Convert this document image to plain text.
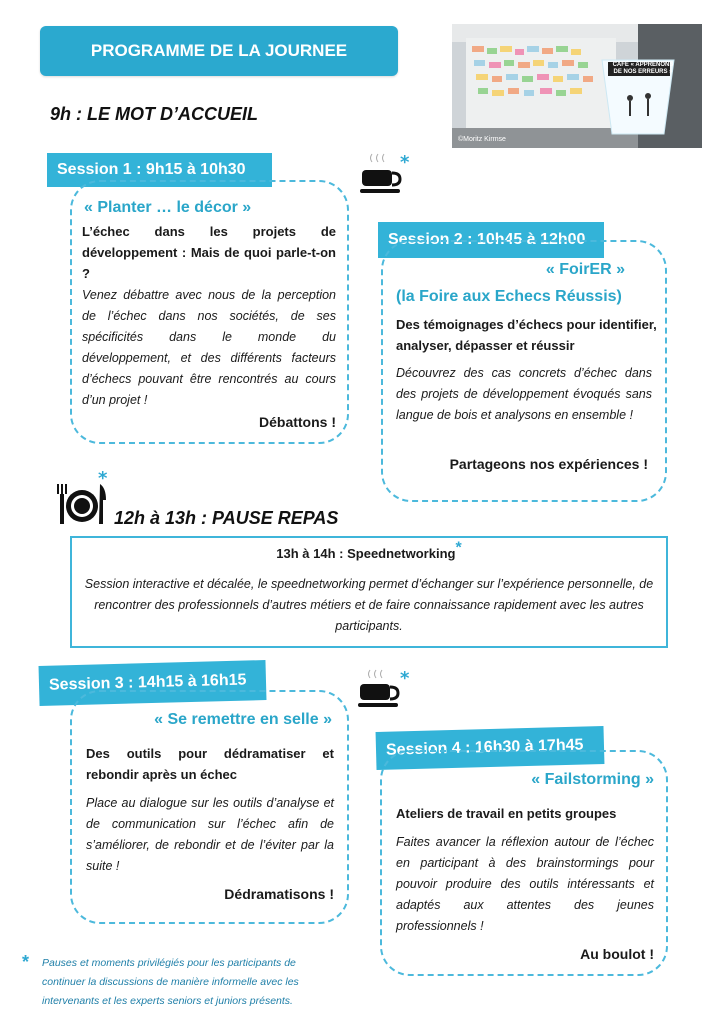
PROGRAMME DE LA JOURNEE
CAFÉ « APPRENONS
DE NOS ERREURS »
©Moritz Kirmse
9h : LE MOT D’ACCUEIL
Session 1 : 9h15 à 10h30
« Planter … le décor »
L’échec dans les projets de développement : Mais de quoi parle-t-on ?
Venez débattre avec nous de la perception de l’échec dans nos sociétés, de ses spécificités dans le monde du développement, et des différents facteurs d’échecs pouvant être rencontrés au cours d’un projet !
Débattons !
*
Session 2 : 10h45 à 12h00
« FoirER »
(la Foire aux Echecs Réussis)
Des témoignages d’échecs pour identifier, analyser, dépasser et réussir
Découvrez des cas concrets d’échec dans des projets de développement évoqués sans langue de bois et analysons en ensemble !
Partageons nos expériences !
*
12h à 13h : PAUSE REPAS
13h à 14h : Speednetworking*
Session interactive et décalée, le speednetworking permet d’échanger sur l’expérience personnelle, de rencontrer des professionnels d’autres métiers et de faire connaissance rapidement avec les autres participants.
Session 3 : 14h15 à 16h15
« Se remettre en selle »
Des outils pour dédramatiser et rebondir après un échec
Place au dialogue sur les outils d’analyse et de communication sur l’échec afin de s’améliorer, de rebondir et de l’éviter par la suite !
Dédramatisons !
*
Session 4 : 16h30 à 17h45
« Failstorming »
Ateliers de travail en petits groupes
Faites avancer la réflexion autour de l’échec en participant à des brainstormings pour pouvoir produire des outils intéressants et adaptés aux attentes des jeunes professionnels !
Au boulot !
* Pauses et moments privilégiés pour les participants de continuer la discussions de manière informelle avec les intervenants et les experts seniors et juniors présents.
